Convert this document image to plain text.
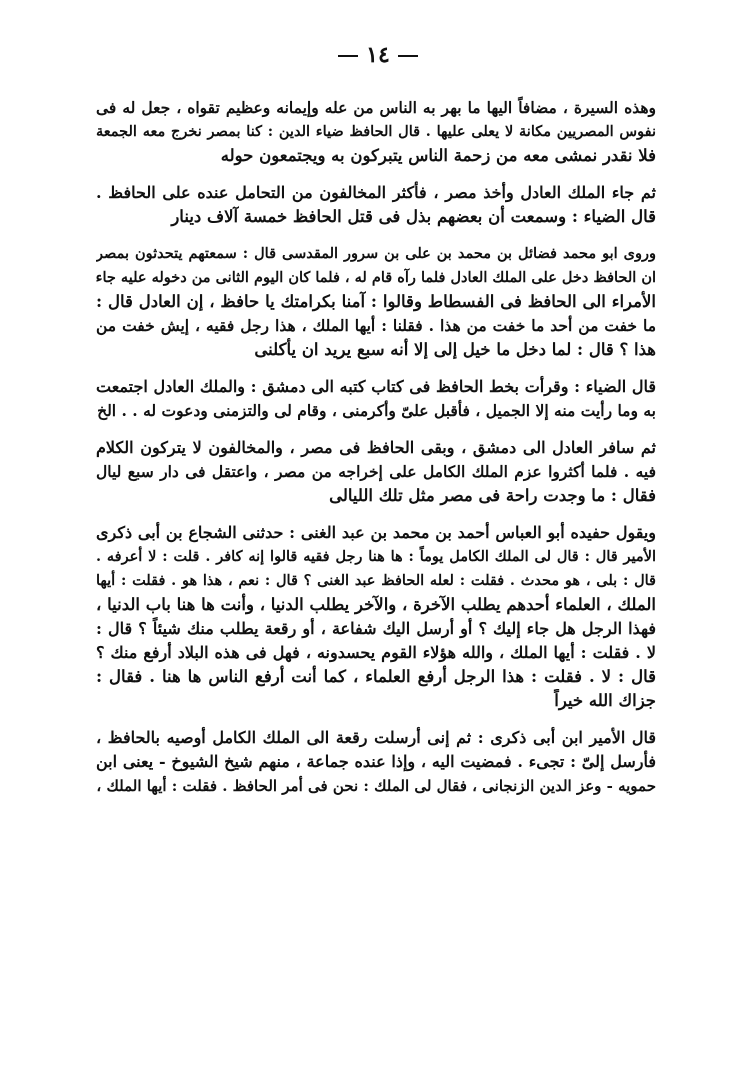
١٤
وهذه السيرة ، مضافاً اليها ما بهر به الناس من عله وإيمانه وعظيم تقواه ، جعل له فى
نفوس المصريين مكانة لا يعلى عليها . قال الحافظ ضياء الدين : كنا بمصر نخرج معه الجمعة
فلا نقدر نمشى معه من زحمة الناس يتبركون به ويجتمعون حوله
ثم جاء الملك العادل وأخذ مصر ، فأكثر المخالفون من التحامل عنده على الحافظ .
قال الضياء : وسمعت أن بعضهم بذل فى قتل الحافظ خمسة آلاف دينار
وروى ابو محمد فضائل بن محمد بن على بن سرور المقدسى قال : سمعتهم يتحدثون بمصر
ان الحافظ دخل على الملك العادل فلما رآه قام له ، فلما كان اليوم الثانى من دخوله عليه جاء
الأمراء الى الحافظ فى الفسطاط وقالوا : آمنا بكرامتك يا حافظ ، إن العادل قال :
ما خفت من أحد ما خفت من هذا . فقلنا : أيها الملك ، هذا رجل فقيه ، إيش خفت من
هذا ؟ قال : لما دخل ما خيل إلى إلا أنه سبع يريد ان يأكلنى
قال الضياء : وقرأت بخط الحافظ فى كتاب كتبه الى دمشق : والملك العادل اجتمعت
به وما رأيت منه إلا الجميل ، فأقبل علىّ وأكرمنى ، وقام لى والتزمنى ودعوت له . . الخ
ثم سافر العادل الى دمشق ، وبقى الحافظ فى مصر ، والمخالفون لا يتركون الكلام
فيه . فلما أكثروا عزم الملك الكامل على إخراجه من مصر ، واعتقل فى دار سبع ليال
فقال : ما وجدت راحة فى مصر مثل تلك الليالى
ويقول حفيده أبو العباس أحمد بن محمد بن عبد الغنى : حدثنى الشجاع بن أبى ذكرى
الأمير قال : قال لى الملك الكامل يوماً : ها هنا رجل فقيه قالوا إنه كافر . قلت : لا أعرفه .
قال : بلى ، هو محدث . فقلت : لعله الحافظ عبد الغنى ؟ قال : نعم ، هذا هو . فقلت : أيها
الملك ، العلماء أحدهم يطلب الآخرة ، والآخر يطلب الدنيا ، وأنت ها هنا باب الدنيا ،
فهذا الرجل هل جاء إليك ؟ أو أرسل اليك شفاعة ، أو رقعة يطلب منك شيئاً ؟ قال :
لا . فقلت : أيها الملك ، والله هؤلاء القوم يحسدونه ، فهل فى هذه البلاد أرفع منك ؟
قال : لا . فقلت : هذا الرجل أرفع العلماء ، كما أنت أرفع الناس ها هنا . فقال :
جزاك الله خيراً
قال الأمير ابن أبى ذكرى : ثم إنى أرسلت رقعة الى الملك الكامل أوصيه بالحافظ ،
فأرسل إلىّ : تجىء . فمضيت اليه ، وإذا عنده جماعة ، منهم شيخ الشيوخ - يعنى ابن
حمويه - وعز الدين الزنجانى ، فقال لى الملك : نحن فى أمر الحافظ . فقلت : أيها الملك ،
